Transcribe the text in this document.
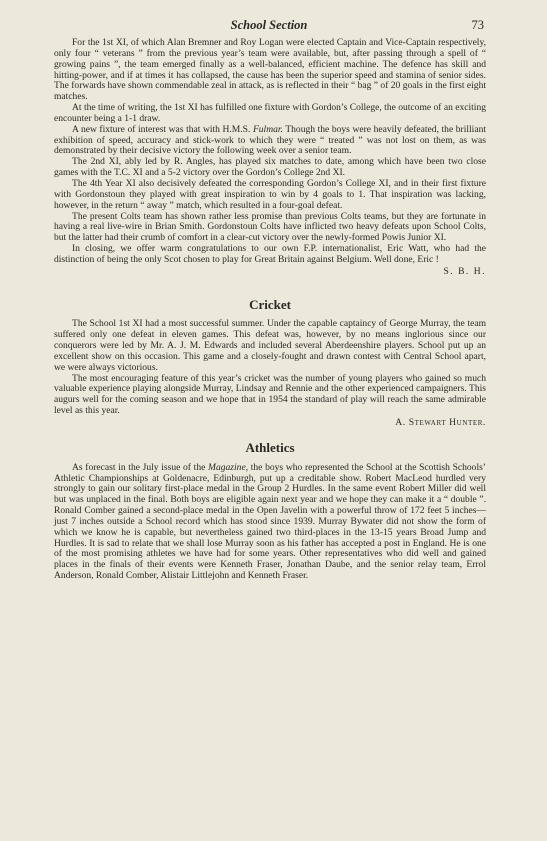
School Section	73

For the 1st XI, of which Alan Bremner and Roy Logan were elected Captain and Vice-Captain respectively, only four “ veterans ” from the previous year’s team were available, but, after passing through a spell of “ growing pains ”, the team emerged finally as a well-balanced, efficient machine. The defence has skill and hitting-power, and if at times it has collapsed, the cause has been the superior speed and stamina of senior sides. The forwards have shown commendable zeal in attack, as is reflected in their “ bag ” of 20 goals in the first eight matches.

At the time of writing, the 1st XI has fulfilled one fixture with Gordon’s College, the outcome of an exciting encounter being a 1-1 draw.

A new fixture of interest was that with H.M.S. Fulmar. Though the boys were heavily defeated, the brilliant exhibition of speed, accuracy and stick-work to which they were “ treated ” was not lost on them, as was demonstrated by their decisive victory the following week over a senior team.

The 2nd XI, ably led by R. Angles, has played six matches to date, among which have been two close games with the T.C. XI and a 5-2 victory over the Gordon’s College 2nd XI.

The 4th Year XI also decisively defeated the corresponding Gordon’s College XI, and in their first fixture with Gordonstoun they played with great inspiration to win by 4 goals to 1. That inspiration was lacking, however, in the return “ away ” match, which resulted in a four-goal defeat.

The present Colts team has shown rather less promise than previous Colts teams, but they are fortunate in having a real live-wire in Brian Smith. Gordonstoun Colts have inflicted two heavy defeats upon School Colts, but the latter had their crumb of comfort in a clear-cut victory over the newly-formed Powis Junior XI.

In closing, we offer warm congratulations to our own F.P. internationalist, Eric Watt, who had the distinction of being the only Scot chosen to play for Great Britain against Belgium. Well done, Eric !

S. B. H.
Cricket

The School 1st XI had a most successful summer. Under the capable captaincy of George Murray, the team suffered only one defeat in eleven games. This defeat was, however, by no means inglorious since our conquerors were led by Mr. A. J. M. Edwards and included several Aberdeenshire players. School put up an excellent show on this occasion. This game and a closely-fought and drawn contest with Central School apart, we were always victorious.

The most encouraging feature of this year’s cricket was the number of young players who gained so much valuable experience playing alongside Murray, Lindsay and Rennie and the other experienced campaigners. This augurs well for the coming season and we hope that in 1954 the standard of play will reach the same admirable level as this year.

A. Stewart Hunter.
Athletics

As forecast in the July issue of the Magazine, the boys who represented the School at the Scottish Schools’ Athletic Championships at Goldenacre, Edinburgh, put up a creditable show. Robert MacLeod hurdled very strongly to gain our solitary first-place medal in the Group 2 Hurdles. In the same event Robert Miller did well but was unplaced in the final. Both boys are eligible again next year and we hope they can make it a “ double ”. Ronald Comber gained a second-place medal in the Open Javelin with a powerful throw of 172 feet 5 inches—just 7 inches outside a School record which has stood since 1939. Murray Bywater did not show the form of which we know he is capable, but nevertheless gained two third-places in the 13-15 years Broad Jump and Hurdles. It is sad to relate that we shall lose Murray soon as his father has accepted a post in England. He is one of the most promising athletes we have had for some years. Other representatives who did well and gained places in the finals of their events were Kenneth Fraser, Jonathan Daube, and the senior relay team, Errol Anderson, Ronald Comber, Alistair Littlejohn and Kenneth Fraser.
